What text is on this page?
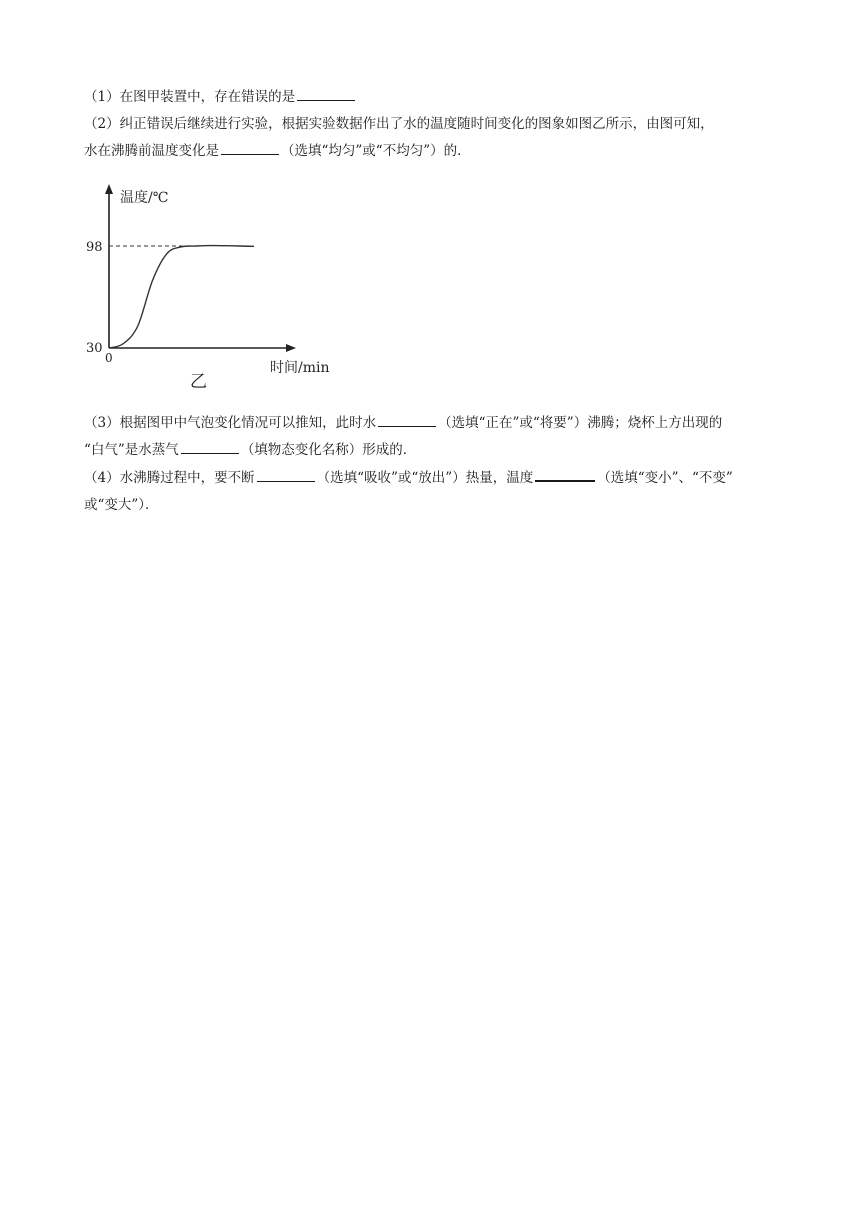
（1）在图甲装置中，存在错误的是
（2）纠正错误后继续进行实验，根据实验数据作出了水的温度随时间变化的图象如图乙所示，由图可知，
水在沸腾前温度变化是	（选填“均匀”或“不均匀”）的．
温度/℃
98
30
0
时间/min
乙
（3）根据图甲中气泡变化情况可以推知，此时水	（选填“正在”或“将要”）沸腾；烧杯上方出现的
“白气”是水蒸气	（填物态变化名称）形成的．
（4）水沸腾过程中，要不断	（选填“吸收”或“放出”）热量，温度	（选填“变小”、“不变”
或“变大”）．
